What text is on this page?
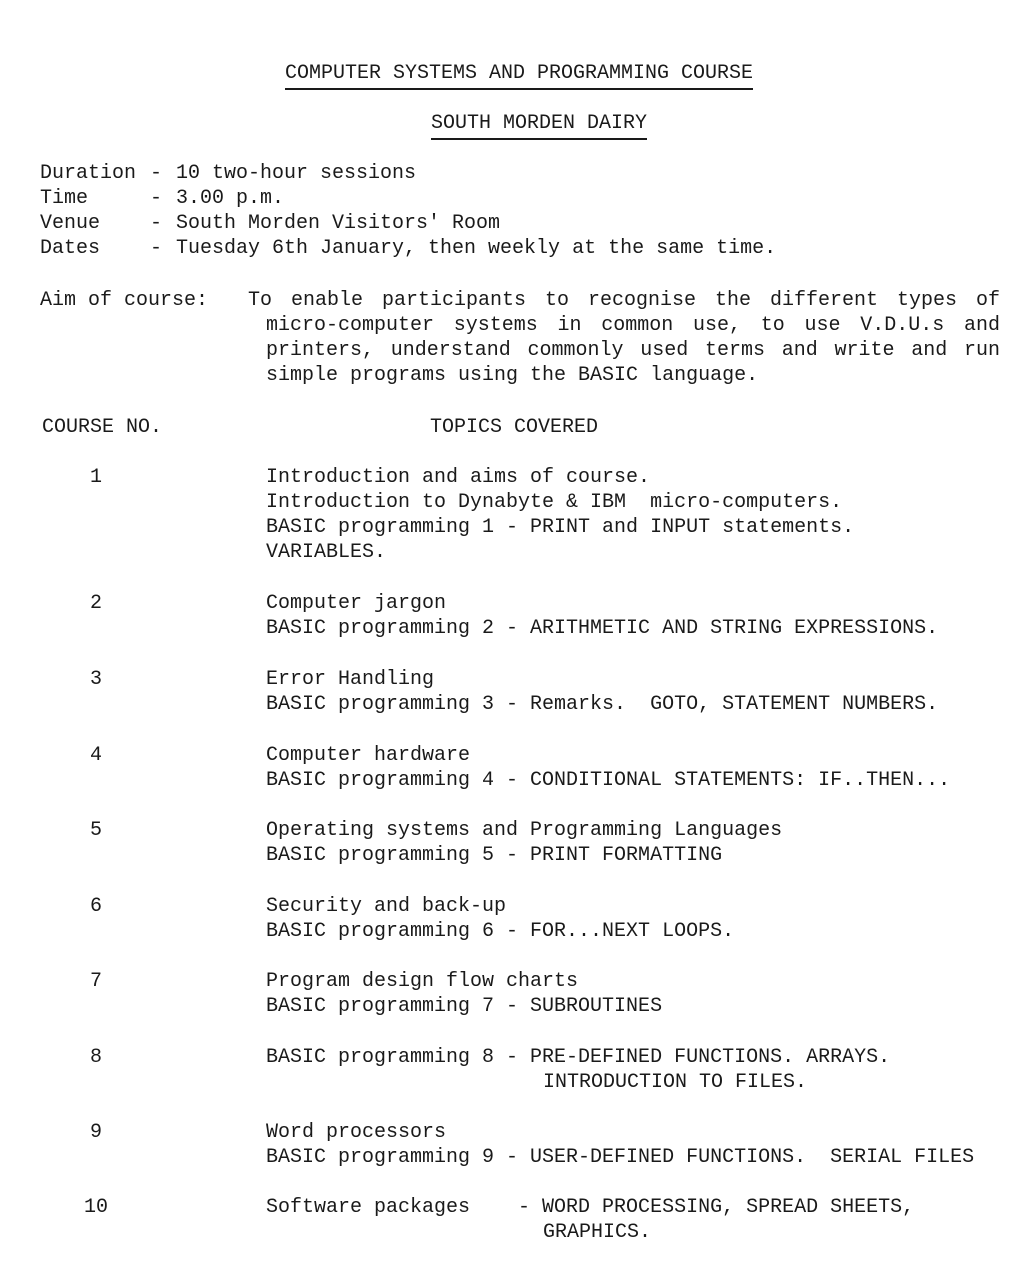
COMPUTER SYSTEMS AND PROGRAMMING COURSE

SOUTH MORDEN DAIRY

Duration - 10 two-hour sessions
Time	- 3.00 p.m.
Venue	- South Morden Visitors' Room
Dates	- Tuesday 6th January, then weekly at the same time.
Aim of course: To enable participants to recognise the different types of
micro-computer systems in common use, to use V.D.U.s and
printers, understand commonly used terms and write and run
simple programs using the BASIC language.
COURSE NO.	TOPICS COVERED
1	Introduction and aims of course.
Introduction to Dynabyte & IBM  micro-computers.
BASIC programming 1 - PRINT and INPUT statements.
VARIABLES.
2	Computer jargon
BASIC programming 2 - ARITHMETIC AND STRING EXPRESSIONS.
3	Error Handling
BASIC programming 3 - Remarks.  GOTO, STATEMENT NUMBERS.
4	Computer hardware
BASIC programming 4 - CONDITIONAL STATEMENTS: IF..THEN...
5	Operating systems and Programming Languages
BASIC programming 5 - PRINT FORMATTING
6	Security and back-up
BASIC programming 6 - FOR...NEXT LOOPS.
7	Program design flow charts
BASIC programming 7 - SUBROUTINES
8	BASIC programming 8 - PRE-DEFINED FUNCTIONS. ARRAYS.
INTRODUCTION TO FILES.
9	Word processors
BASIC programming 9 - USER-DEFINED FUNCTIONS.  SERIAL FILES
10	Software packages    - WORD PROCESSING, SPREAD SHEETS,
GRAPHICS.
